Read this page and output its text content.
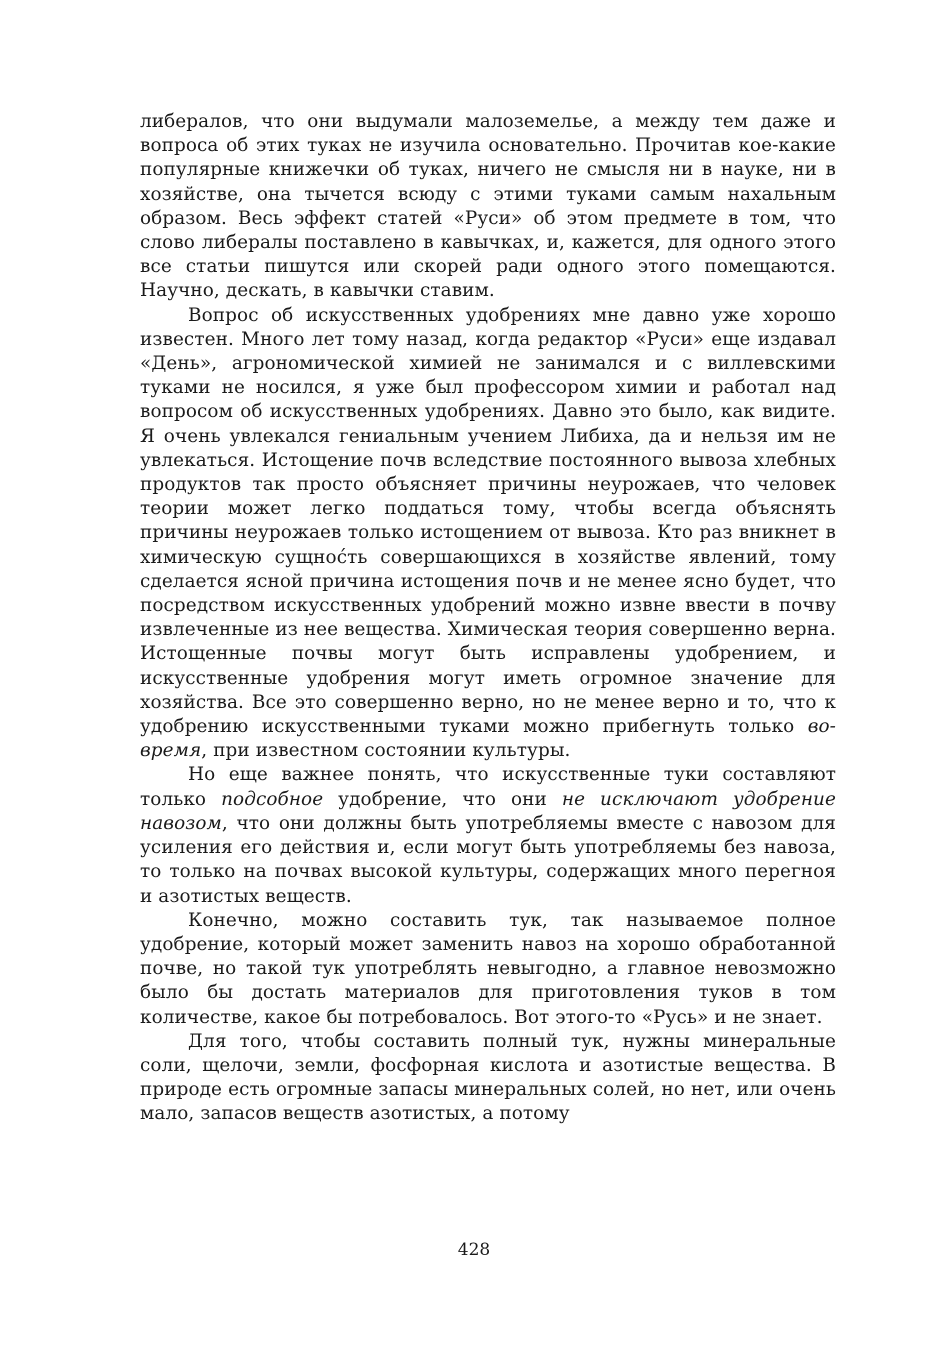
либералов, что они выдумали малоземелье, а между тем даже и вопроса об этих туках не изучила основательно. Прочитав кое-какие популярные книжечки об туках, ничего не смысля ни в науке, ни в хозяйстве, она тычется всюду с этими туками самым нахальным образом. Весь эффект статей «Руси» об этом предмете в том, что слово либералы поставлено в кавычках, и, кажется, для одного этого все статьи пишутся или скорей ради одного этого помещаются. Научно, дескать, в кавычки ставим.

Вопрос об искусственных удобрениях мне давно уже хорошо известен. Много лет тому назад, когда редактор «Руси» еще издавал «День», агрономической химией не занимался и с виллевскими туками не носился, я уже был профессором химии и работал над вопросом об искусственных удобрениях. Давно это было, как видите. Я очень увлекался гениальным учением Либиха, да и нельзя им не увлекаться. Истощение почв вследствие постоянного вывоза хлебных продуктов так просто объясняет причины неурожаев, что человек теории может легко поддаться тому, чтобы всегда объяснять причины неурожаев только истощением от вывоза. Кто раз вникнет в химическую сущноćть совершающихся в хозяйстве явлений, тому сделается ясной причина истощения почв и не менее ясно будет, что посредством искусственных удобрений можно извне ввести в почву извлеченные из нее вещества. Химическая теория совершенно верна. Истощенные почвы могут быть исправлены удобрением, и искусственные удобрения могут иметь огромное значение для хозяйства. Все это совершенно верно, но не менее верно и то, что к удобрению искусственными туками можно прибегнуть только во-время, при известном состоянии культуры.

Но еще важнее понять, что искусственные туки составляют только подсобное удобрение, что они не исключают удобрение навозом, что они должны быть употребляемы вместе с навозом для усиления его действия и, если могут быть употребляемы без навоза, то только на почвах высокой культуры, содержащих много перегноя и азотистых веществ.

Конечно, можно составить тук, так называемое полное удобрение, который может заменить навоз на хорошо обработанной почве, но такой тук употреблять невыгодно, а главное невозможно было бы достать материалов для приготовления туков в том количестве, какое бы потребовалось. Вот этого-то «Русь» и не знает.

Для того, чтобы составить полный тук, нужны минеральные соли, щелочи, земли, фосфорная кислота и азотистые вещества. В природе есть огромные запасы минеральных солей, но нет, или очень мало, запасов веществ азотистых, а потому

428
